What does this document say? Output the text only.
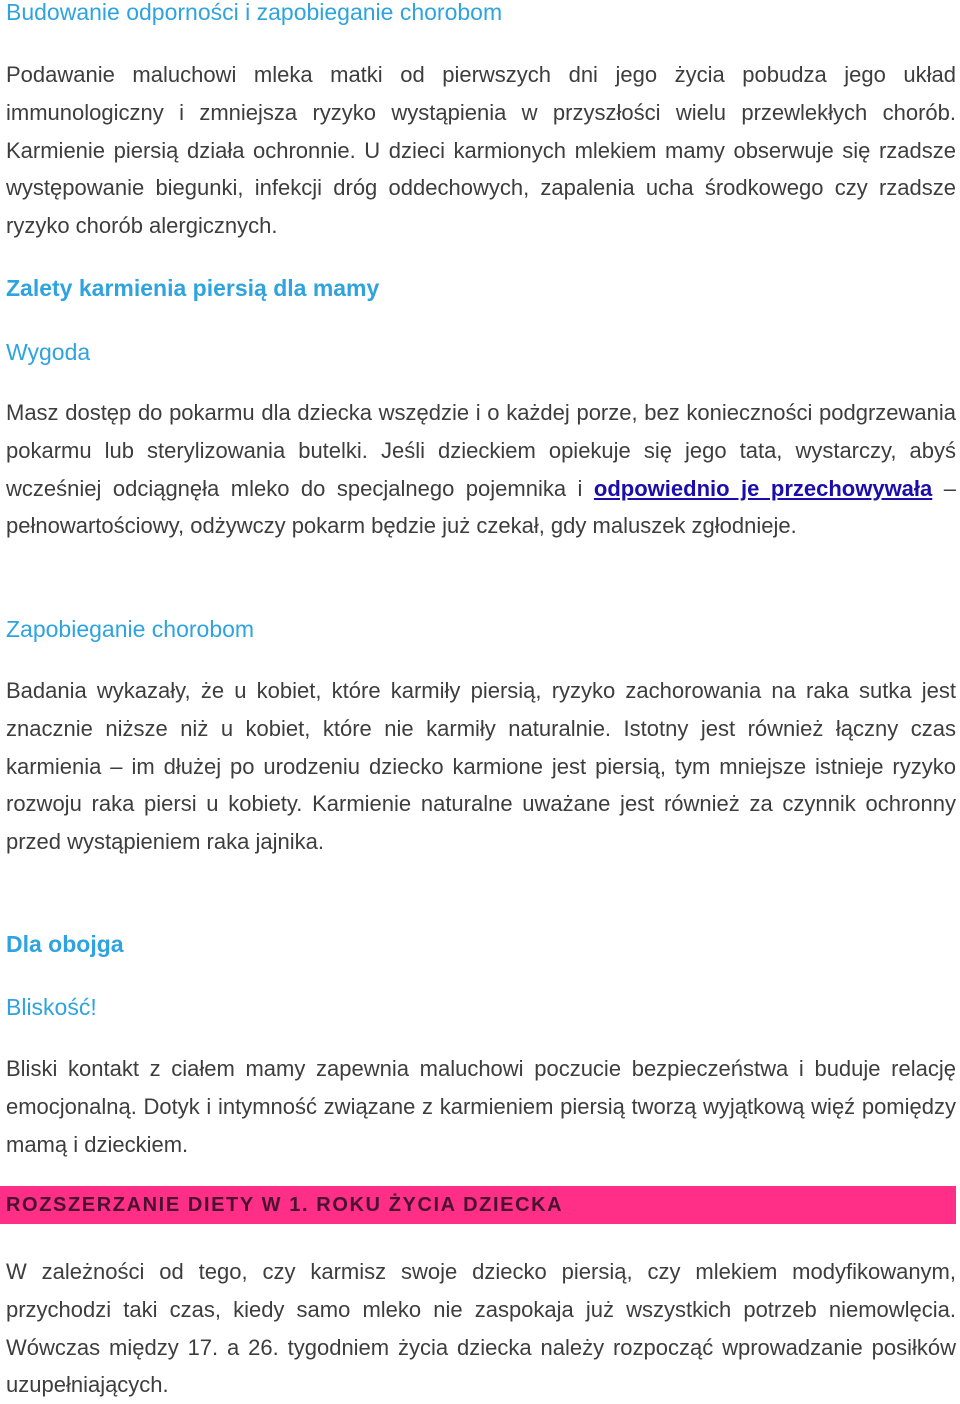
Budowanie odporności i zapobieganie chorobom

Podawanie maluchowi mleka matki od pierwszych dni jego życia pobudza jego układ immunologiczny i zmniejsza ryzyko wystąpienia w przyszłości wielu przewlekłych chorób. Karmienie piersią działa ochronnie. U dzieci karmionych mlekiem mamy obserwuje się rzadsze występowanie biegunki, infekcji dróg oddechowych, zapalenia ucha środkowego czy rzadsze ryzyko chorób alergicznych.

Zalety karmienia piersią dla mamy
Wygoda

Masz dostęp do pokarmu dla dziecka wszędzie i o każdej porze, bez konieczności podgrzewania pokarmu lub sterylizowania butelki. Jeśli dzieckiem opiekuje się jego tata, wystarczy, abyś wcześniej odciągnęła mleko do specjalnego pojemnika i odpowiednio je przechowywała – pełnowartościowy, odżywczy pokarm będzie już czekał, gdy maluszek zgłodnieje.

Zapobieganie chorobom

Badania wykazały, że u kobiet, które karmiły piersią, ryzyko zachorowania na raka sutka jest znacznie niższe niż u kobiet, które nie karmiły naturalnie. Istotny jest również łączny czas karmienia – im dłużej po urodzeniu dziecko karmione jest piersią, tym mniejsze istnieje ryzyko rozwoju raka piersi u kobiety. Karmienie naturalne uważane jest również za czynnik ochronny przed wystąpieniem raka jajnika.

Dla obojga
Bliskość!

Bliski kontakt z ciałem mamy zapewnia maluchowi poczucie bezpieczeństwa i buduje relację emocjonalną. Dotyk i intymność związane z karmieniem piersią tworzą wyjątkową więź pomiędzy mamą i dzieckiem.

W zależności od tego, czy karmisz swoje dziecko piersią, czy mlekiem modyfikowanym, przychodzi taki czas, kiedy samo mleko nie zaspokaja już wszystkich potrzeb niemowlęcia. Wówczas między 17. a 26. tygodniem życia dziecka należy rozpocząć wprowadzanie posiłków uzupełniających.

ROZSZERZANIE DIETY W 1. ROKU ŻYCIA DZIECKA
